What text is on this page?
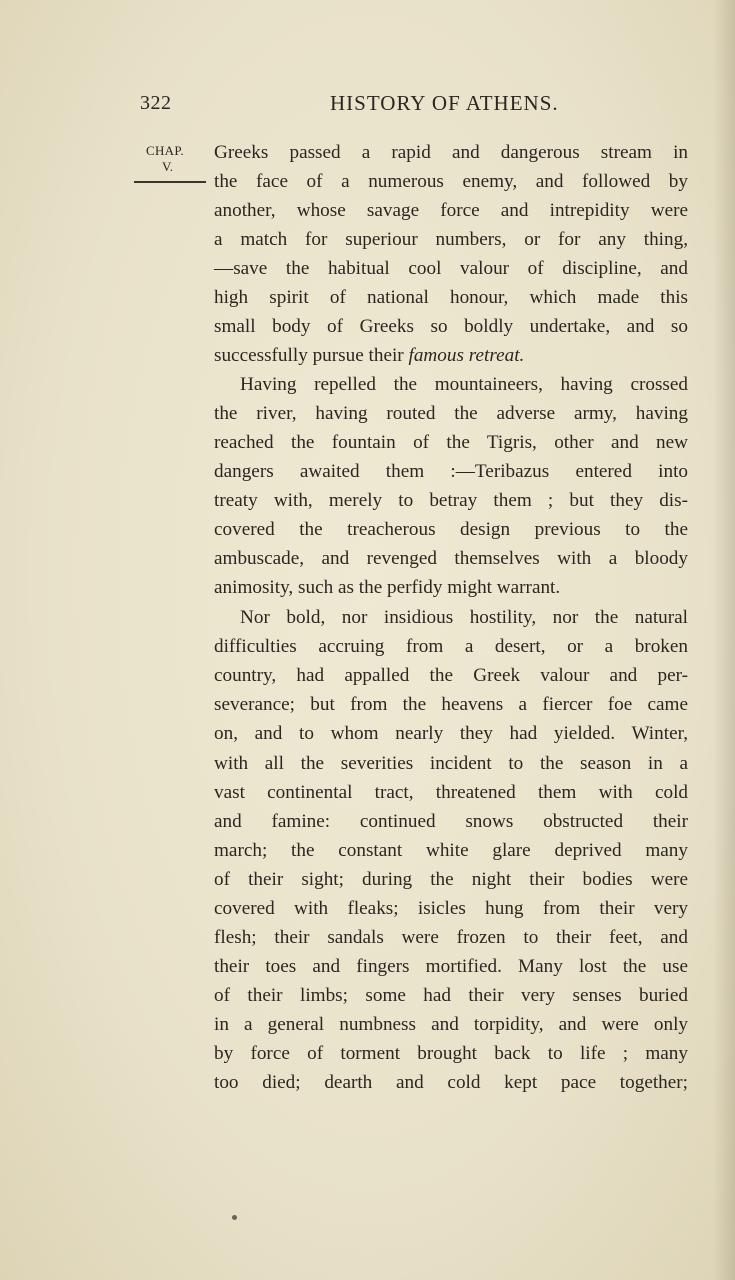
322	HISTORY OF ATHENS.
CHAP.
V.
Greeks passed a rapid and dangerous stream in
the face of a numerous enemy, and followed by
another, whose savage force and intrepidity were
a match for superiour numbers, or for any thing,
—save the habitual cool valour of discipline, and
high spirit of national honour, which made this
small body of Greeks so boldly undertake, and so
successfully pursue their famous retreat.
Having repelled the mountaineers, having crossed
the river, having routed the adverse army, having
reached the fountain of the Tigris, other and new
dangers awaited them :—Teribazus entered into
treaty with, merely to betray them ; but they dis-
covered the treacherous design previous to the
ambuscade, and revenged themselves with a bloody
animosity, such as the perfidy might warrant.
Nor bold, nor insidious hostility, nor the natural
difficulties accruing from a desert, or a broken
country, had appalled the Greek valour and per-
severance; but from the heavens a fiercer foe came
on, and to whom nearly they had yielded. Winter,
with all the severities incident to the season in a
vast continental tract, threatened them with cold
and famine: continued snows obstructed their
march; the constant white glare deprived many
of their sight; during the night their bodies were
covered with fleaks; isicles hung from their very
flesh; their sandals were frozen to their feet, and
their toes and fingers mortified. Many lost the use
of their limbs; some had their very senses buried
in a general numbness and torpidity, and were only
by force of torment brought back to life ; many
too died; dearth and cold kept pace together;
